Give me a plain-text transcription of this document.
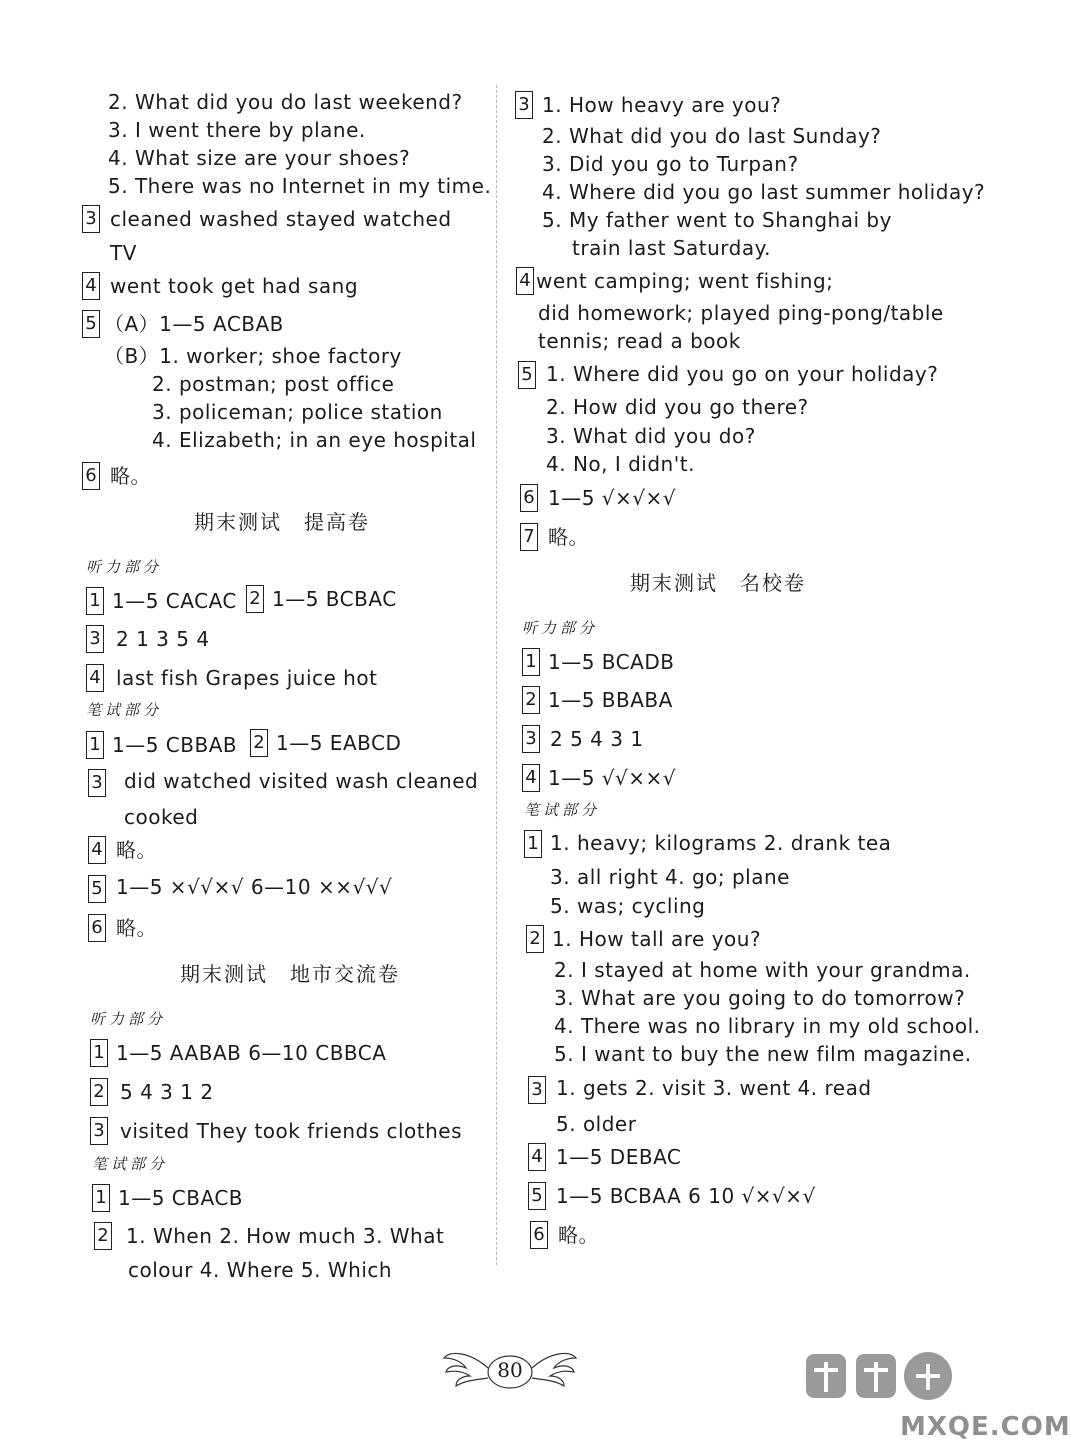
2. What did you do last weekend?
3. I went there by plane.
4. What size are your shoes?
5. There was no Internet in my time.
3 cleaned washed stayed watched
TV
4 went took get had sang
5 （A）1—5 ACBAB
（B）1. worker; shoe factory
2. postman; post office
3. policeman; police station
4. Elizabeth; in an eye hospital
6 略。
期末测试　提高卷
听力部分
1 1—5 CACAC 2 1—5 BCBAC
3 2 1 3 5 4
4 last fish Grapes juice hot
笔试部分
1 1—5 CBBAB 2 1—5 EABCD
3 did watched visited wash cleaned
cooked
4 略。
5 1—5 ×√√×√ 6—10 ××√√√
6 略。
期末测试　地市交流卷
听力部分
1 1—5 AABAB 6—10 CBBCA
2 5 4 3 1 2
3 visited They took friends clothes
笔试部分
1 1—5 CBACB
2 1. When 2. How much 3. What
colour 4. Where 5. Which
3 1. How heavy are you?
2. What did you do last Sunday?
3. Did you go to Turpan?
4. Where did you go last summer holiday?
5. My father went to Shanghai by
train last Saturday.
4 went camping; went fishing;
did homework; played ping-pong/table
tennis; read a book
5 1. Where did you go on your holiday?
2. How did you go there?
3. What did you do?
4. No, I didn't.
6 1—5 √×√×√
7 略。
期末测试　名校卷
听力部分
1 1—5 BCADB
2 1—5 BBABA
3 2 5 4 3 1
4 1—5 √√××√
笔试部分
1 1. heavy; kilograms 2. drank tea
3. all right 4. go; plane
5. was; cycling
2 1. How tall are you?
2. I stayed at home with your grandma.
3. What are you going to do tomorrow?
4. There was no library in my old school.
5. I want to buy the new film magazine.
3 1. gets 2. visit 3. went 4. read
5. older
4 1—5 DEBAC
5 1—5 BCBAA 6 10 √×√×√
6 略。
80
MXQE.COM
